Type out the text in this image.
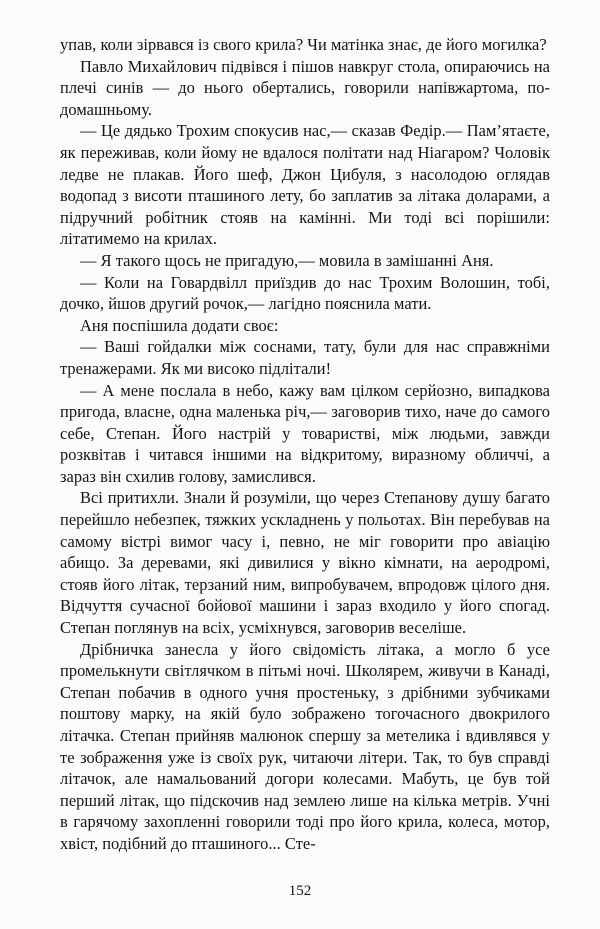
упав, коли зірвався із свого крила? Чи матінка знає, де його могилка?

Павло Михайлович підвівся і пішов навкруг стола, опираючись на плечі синів — до нього обертались, говорили напівжартома, по-домашньому.

— Це дядько Трохим спокусив нас,— сказав Федір.— Пам’ятаєте, як переживав, коли йому не вдалося політати над Ніагаром? Чоловік ледве не плакав. Його шеф, Джон Цибуля, з насолодою оглядав водопад з висоти пташиного лету, бо заплатив за літака доларами, а підручний робітник стояв на камінні. Ми тоді всі порішили: літатимемо на крилах.

— Я такого щось не пригадую,— мовила в замішанні Аня.

— Коли на Говардвілл приїздив до нас Трохим Волошин, тобі, дочко, йшов другий рочок,— лагідно пояснила мати.

Аня поспішила додати своє:

— Ваші гойдалки між соснами, тату, були для нас справжніми тренажерами. Як ми високо підлітали!

— А мене послала в небо, кажу вам цілком серйозно, випадкова пригода, власне, одна маленька річ,— заговорив тихо, наче до самого себе, Степан. Його настрій у товаристві, між людьми, завжди розквітав і читався іншими на відкритому, виразному обличчі, а зараз він схилив голову, замислився.

Всі притихли. Знали й розуміли, що через Степанову душу багато перейшло небезпек, тяжких ускладнень у польотах. Він перебував на самому вістрі вимог часу і, певно, не міг говорити про авіацію абищо. За деревами, які дивилися у вікно кімнати, на аеродромі, стояв його літак, терзаний ним, випробувачем, впродовж цілого дня. Відчуття сучасної бойової машини і зараз входило у його спогад. Степан поглянув на всіх, усміхнувся, заговорив веселіше.

Дрібничка занесла у його свідомість літака, а могло б усе промелькнути світлячком в пітьмі ночі. Школярем, живучи в Канаді, Степан побачив в одного учня простеньку, з дрібними зубчиками поштову марку, на якій було зображено тогочасного двокрилого літачка. Степан прийняв малюнок спершу за метелика і вдивлявся у те зображення уже із своїх рук, читаючи літери. Так, то був справді літачок, але намальований догори колесами. Мабуть, це був той перший літак, що підскочив над землею лише на кілька метрів. Учні в гарячому захопленні говорили тоді про його крила, колеса, мотор, хвіст, подібний до пташиного... Сте-

152
